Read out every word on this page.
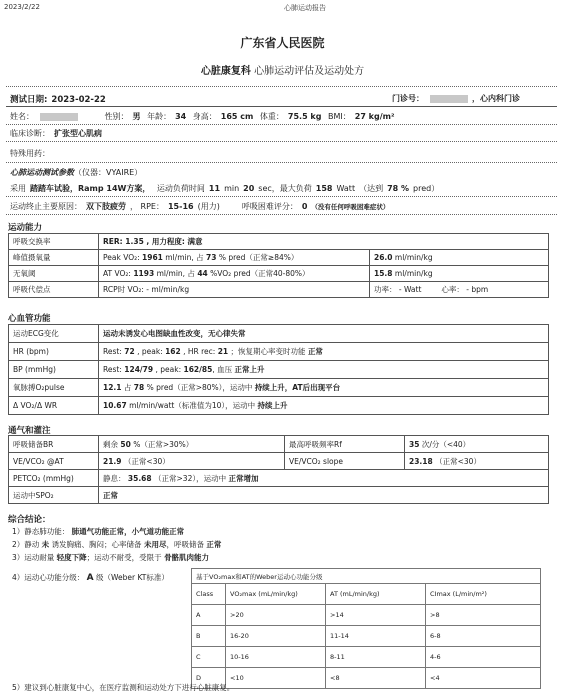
2023/2/22	心肺运动报告
广东省人民医院
心脏康复科 心肺运动评估及运动处方
测试日期: 2023-02-22	门诊号：	，心内科门诊
姓名：	性别： 男 年龄： 34 身高： 165 cm 体重： 75.5 kg BMI： 27 kg/m²
临床诊断： 扩张型心肌病
特殊用药：
心肺运动测试参数（仪器：VYAIRE）
采用 踏踏车试验，Ramp 14W方案， 运动负荷时间 11 min 20 sec，最大负荷 158 Watt （达到 78 % pred）
运动终止主要原因： 双下肢疲劳 ， RPE： 15-16 (用力)	呼吸困难评分： 0 （没有任何呼吸困难症状）
运动能力
呼吸交换率	RER: 1.35 , 用力程度: 满意	
峰值摄氧量	Peak VO₂: 1961 ml/min, 占 73 % pred（正常≥84%）	26.0 ml/min/kg
无氧阈	AT VO₂: 1193 ml/min, 占 44 %VO₂ pred（正常40-80%）	15.8 ml/min/kg
呼吸代偿点	RCP时 VO₂: - ml/min/kg	功率： - Watt 心率： - bpm
心血管功能
运动ECG变化	运动未诱发心电图缺血性改变，无心律失常
HR (bpm)	Rest: 72 , peak: 162 , HR rec: 21 ；恢复期心率变时功能 正常
BP (mmHg)	Rest: 124/79 , peak: 162/85, 血压 正常上升
氧脉搏O₂pulse	12.1 占 78 % pred（正常>80%），运动中 持续上升，AT后出现平台
Δ VO₂/Δ WR	10.67 ml/min/watt（标准值为10），运动中 持续上升
通气和灌注
呼吸储备BR	剩余 50 %（正常>30%）	最高呼吸频率Rf	35 次/分（<40）
VE/VCO₂ @AT	21.9 （正常<30）	VE/VCO₂ slope	23.18 （正常<30）
PETCO₂ (mmHg)	静息： 35.68 （正常>32），运动中 正常增加		
运动中SPO₂	正常		
综合结论：
1）静态肺功能： 肺通气功能正常，小气道功能正常
2）静动 未 诱发胸痛、胸闷；心率储备 未用尽，呼吸储备 正常
3）运动耐量 轻度下降；运动不耐受，受限于 骨骼肌肉能力
4）运动心功能分级： A 级（Weber KT标准）	基于VO₂max和AT的Weber运动心功能分级			
Class	VO₂max (mL/min/kg)	AT (mL/min/kg)	CImax (L/min/m²)
A	>20	>14	>8
B	16-20	11-14	6-8
C	10-16	8-11	4-6
D	<10	<8	<4
5）建议到心脏康复中心，在医疗监测和运动处方下进行心脏康复。
